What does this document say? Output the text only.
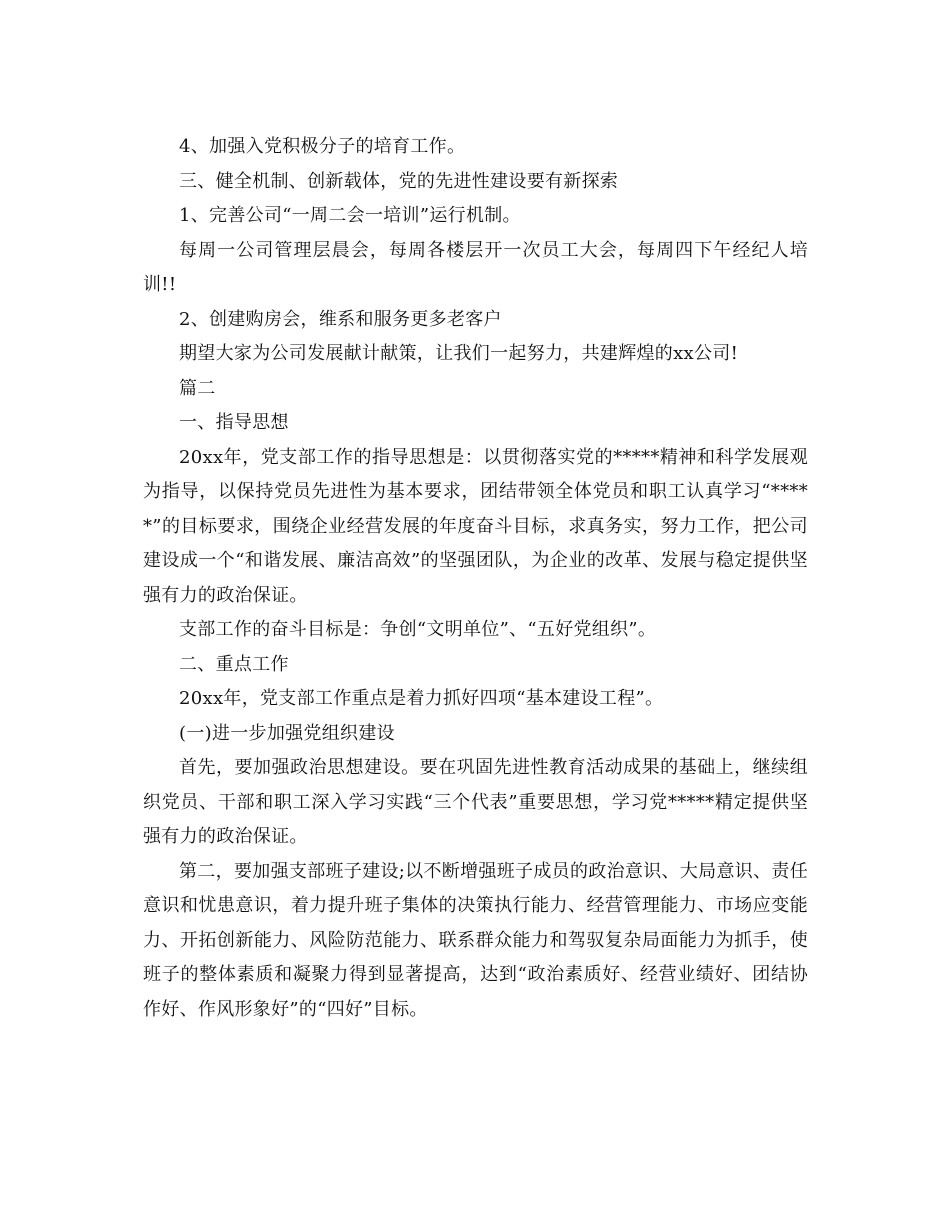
4、加强入党积极分子的培育工作。

三、健全机制、创新载体，党的先进性建设要有新探索

1、完善公司“一周二会一培训”运行机制。

每周一公司管理层晨会，每周各楼层开一次员工大会，每周四下午经纪人培训!!

2、创建购房会，维系和服务更多老客户

期望大家为公司发展献计献策，让我们一起努力，共建辉煌的xx公司!

篇二

一、指导思想

20xx年，党支部工作的指导思想是：以贯彻落实党的*****精神和科学发展观为指导，以保持党员先进性为基本要求，团结带领全体党员和职工认真学习“*****”的目标要求，围绕企业经营发展的年度奋斗目标，求真务实，努力工作，把公司建设成一个“和谐发展、廉洁高效”的坚强团队，为企业的改革、发展与稳定提供坚强有力的政治保证。

支部工作的奋斗目标是：争创“文明单位”、“五好党组织”。

二、重点工作

20xx年，党支部工作重点是着力抓好四项“基本建设工程”。

(一)进一步加强党组织建设

首先，要加强政治思想建设。要在巩固先进性教育活动成果的基础上，继续组织党员、干部和职工深入学习实践“三个代表”重要思想，学习党*****精定提供坚强有力的政治保证。

第二，要加强支部班子建设;以不断增强班子成员的政治意识、大局意识、责任意识和忧患意识，着力提升班子集体的决策执行能力、经营管理能力、市场应变能力、开拓创新能力、风险防范能力、联系群众能力和驾驭复杂局面能力为抓手，使班子的整体素质和凝聚力得到显著提高，达到“政治素质好、经营业绩好、团结协作好、作风形象好”的“四好”目标。
